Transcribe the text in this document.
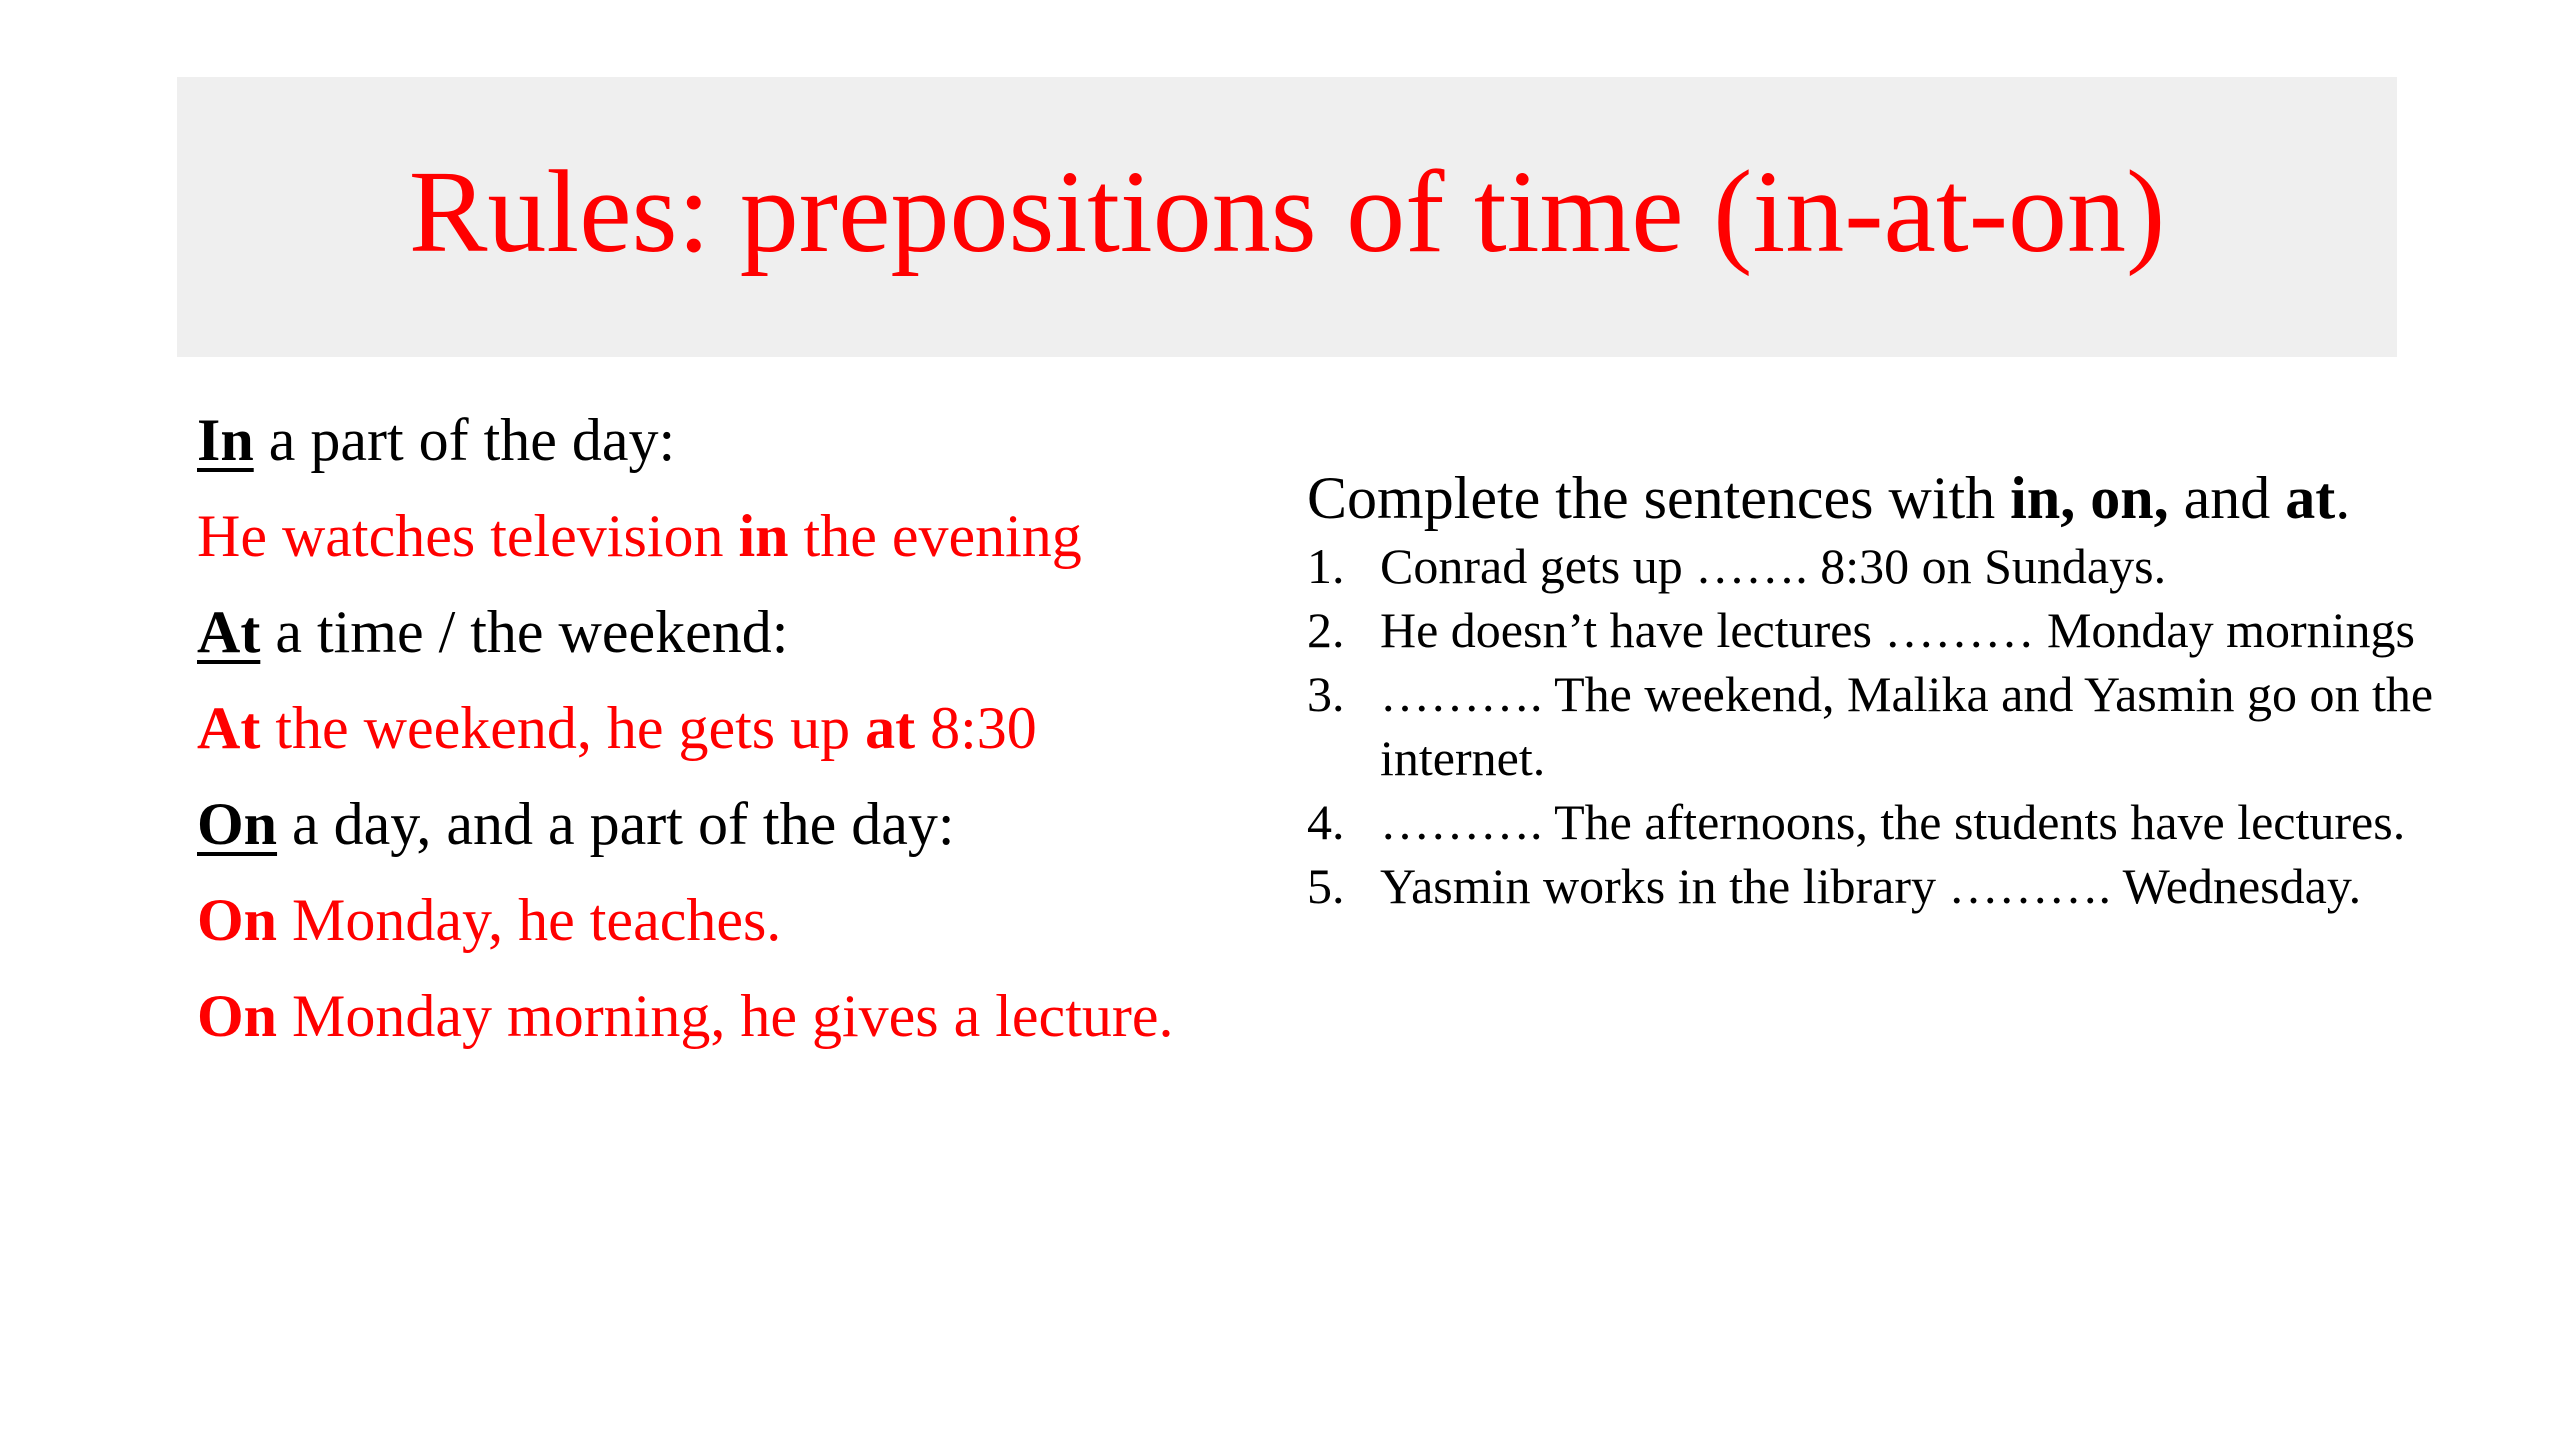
Rules: prepositions of time (in-at-on)
In a part of the day:
He watches television in the evening
At a time / the weekend:
At the weekend, he gets up at 8:30
On a day, and a part of the day:
On Monday, he teaches.
On Monday morning, he gives a lecture.
Complete the sentences with in, on, and at.
1. Conrad gets up ……. 8:30 on Sundays.
2. He doesn’t have lectures ……… Monday mornings
3. ………. The weekend, Malika and Yasmin go on the internet.
4. ………. The afternoons, the students have lectures.
5. Yasmin works in the library ………. Wednesday.
